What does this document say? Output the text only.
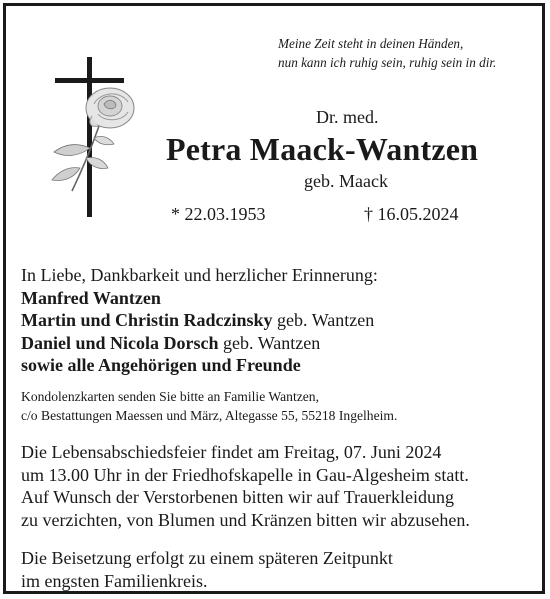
Meine Zeit steht in deinen Händen,
nun kann ich ruhig sein, ruhig sein in dir.
Dr. med.
Petra Maack-Wantzen
geb. Maack
* 22.03.1953	† 16.05.2024
In Liebe, Dankbarkeit und herzlicher Erinnerung:
Manfred Wantzen
Martin und Christin Radczinsky geb. Wantzen
Daniel und Nicola Dorsch geb. Wantzen
sowie alle Angehörigen und Freunde
Kondolenzkarten senden Sie bitte an Familie Wantzen,
c/o Bestattungen Maessen und März, Altegasse 55, 55218 Ingelheim.
Die Lebensabschiedsfeier findet am Freitag, 07. Juni 2024
um 13.00 Uhr in der Friedhofskapelle in Gau-Algesheim statt.
Auf Wunsch der Verstorbenen bitten wir auf Trauerkleidung
zu verzichten, von Blumen und Kränzen bitten wir abzusehen.
Die Beisetzung erfolgt zu einem späteren Zeitpunkt
im engsten Familienkreis.
